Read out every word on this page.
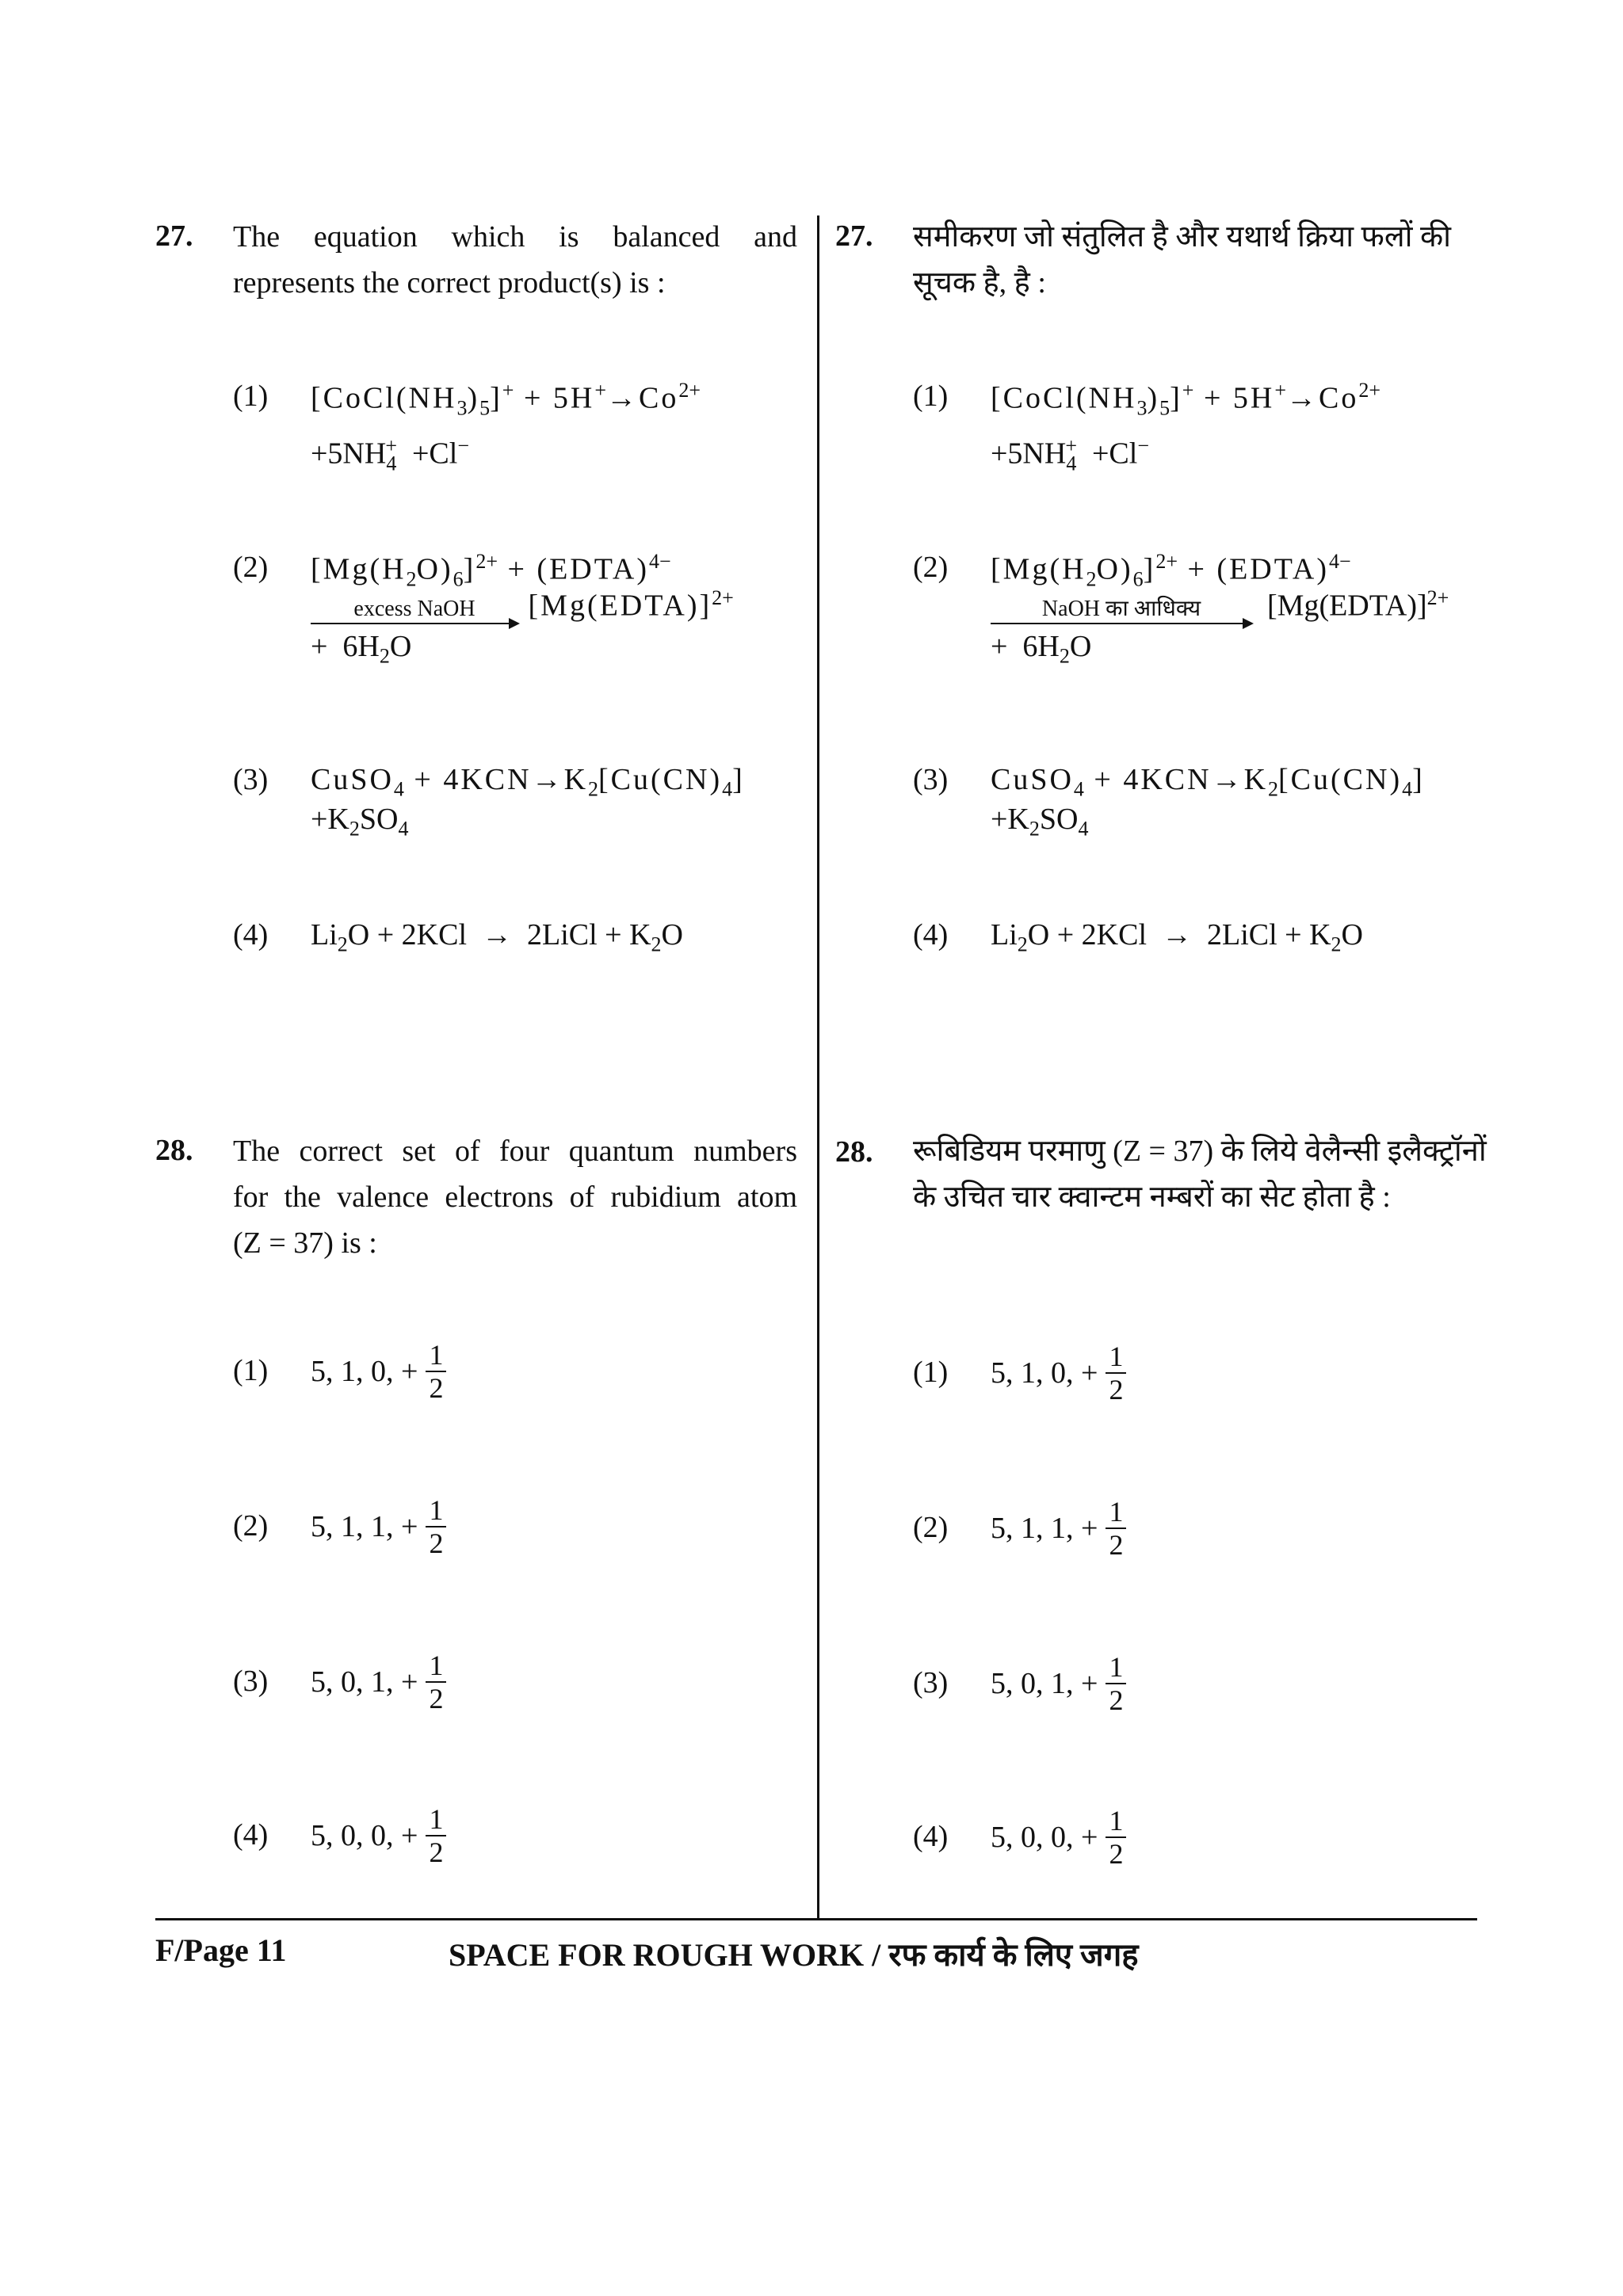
27. The equation which is balanced and
represents the correct product(s) is :
(1) $[CoCl(NH_3)_5]^+ + 5H^+\to Co^{2+}$
$+5NH_4^+ +Cl^-$
(2) $[Mg(H_2O)_6]^{2+}$ + (EDTA)$^{4-}$
excess NaOH	[Mg(EDTA)]$^{2+}$
+  $6H_2O$
(3) CuSO$_4$ + $4KCN\to K_2[Cu(CN)_4]$
$+K_2SO_4$
(4) $Li_2O + 2KCl$  →  2LiCl + $K_2O$
27. समीकरण जो संतुलित है और यथार्थ क्रिया फलों की
सूचक है, है :
(1) $[CoCl(NH_3)_5]^+ + 5H^+\to Co^{2+}$
$+5NH_4^+ +Cl^-$
(2) $[Mg(H_2O)_6]^{2+}$ + (EDTA)$^{4-}$
NaOH का आधिक्य	[Mg(EDTA)]$^{2+}$
+  $6H_2O$
(3) CuSO$_4$ + $4KCN\to K_2[Cu(CN)_4]$
$+K_2SO_4$
(4) $Li_2O + 2KCl$  →  2LiCl + $K_2O$
28. The correct set of four quantum numbers
for the valence electrons of rubidium atom
(Z = 37) is :
(1) 5, 1, 0, + $\frac{1}{2}$
(2) 5, 1, 1, + $\frac{1}{2}$
(3) 5, 0, 1, + $\frac{1}{2}$
(4) 5, 0, 0, + $\frac{1}{2}$
28. रूबिडियम परमाणु (Z = 37) के लिये वेलैन्सी इलैक्ट्रॉनों
के उचित चार क्वान्टम नम्बरों का सेट होता है :
(1) 5, 1, 0, + $\frac{1}{2}$
(2) 5, 1, 1, + $\frac{1}{2}$
(3) 5, 0, 1, + $\frac{1}{2}$
(4) 5, 0, 0, + $\frac{1}{2}$
F/Page 11	SPACE FOR ROUGH WORK / रफ कार्य के लिए जगह
